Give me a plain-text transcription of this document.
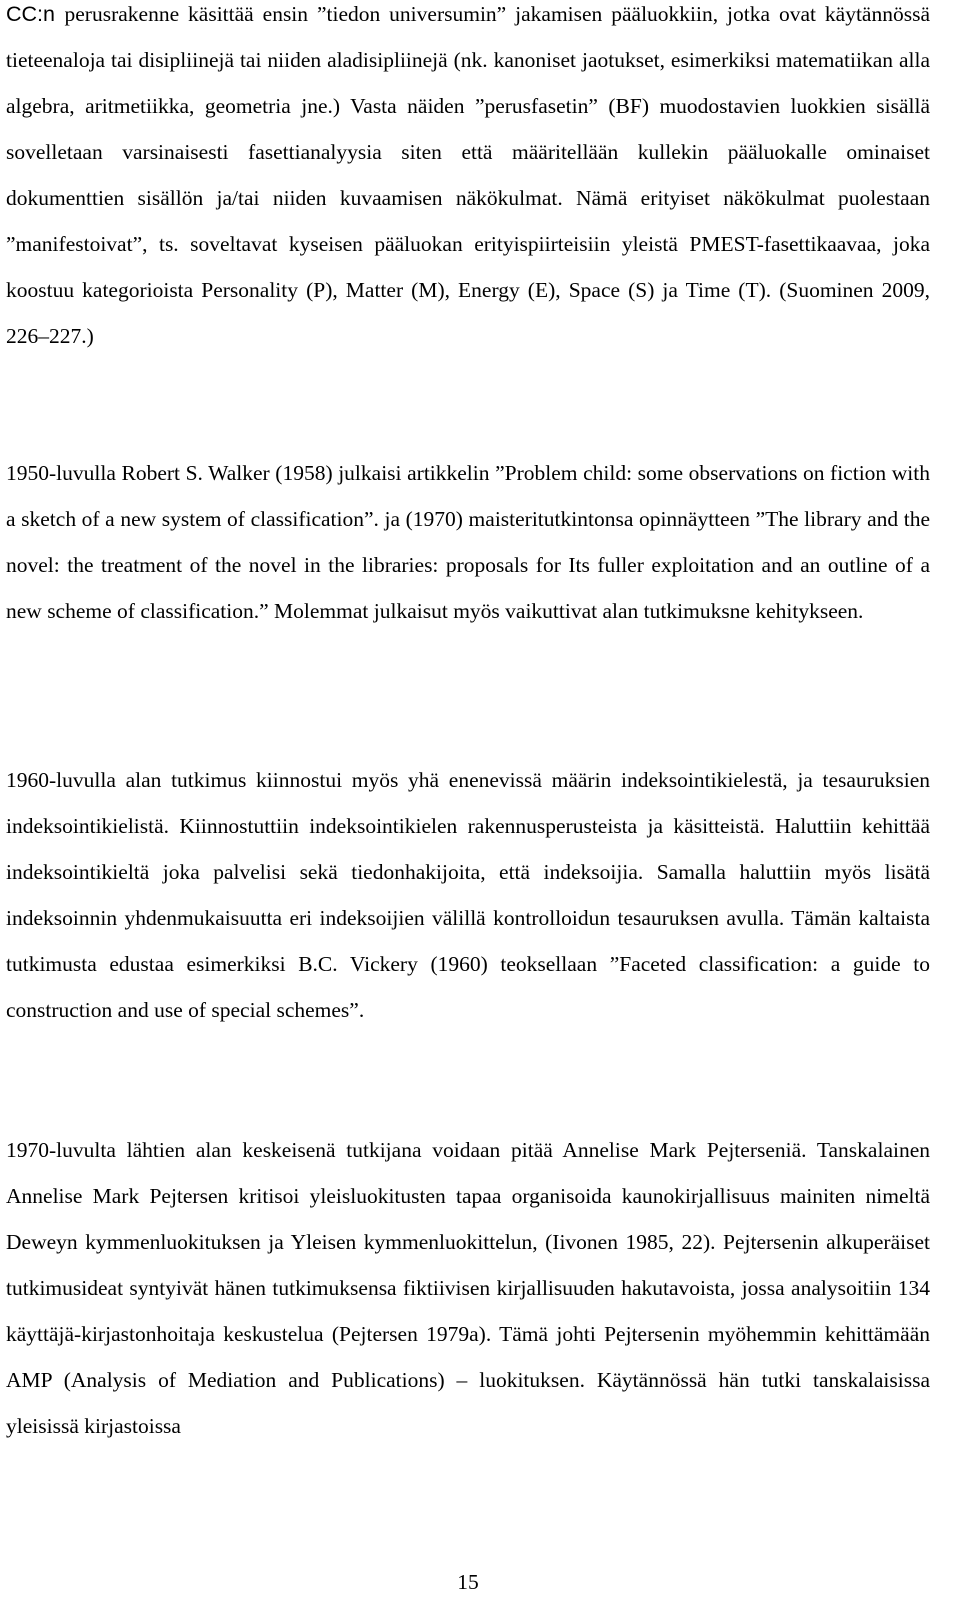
CC:n perusrakenne käsittää ensin ”tiedon universumin” jakamisen pääluokkiin, jotka ovat käytännössä tieteenaloja tai disipliinejä tai niiden aladisipliinejä (nk. kanoniset jaotukset, esimerkiksi matematiikan alla algebra, aritmetiikka, geometria jne.) Vasta näiden ”perusfasetin” (BF) muodostavien luokkien sisällä sovelletaan varsinaisesti fasettianalyysia siten että määritellään kullekin pääluokalle ominaiset dokumenttien sisällön ja/tai niiden kuvaamisen näkökulmat. Nämä erityiset näkökulmat puolestaan ”manifestoivat”, ts. soveltavat kyseisen pääluokan erityispiirteisiin yleistä PMEST-fasettikaavaa, joka koostuu kategorioista Personality (P), Matter (M), Energy (E), Space (S) ja Time (T). (Suominen 2009, 226–227.)

1950-luvulla Robert S. Walker (1958) julkaisi artikkelin ”Problem child: some observations on fiction with a sketch of a new system of classification”. ja (1970) maisteritutkintonsa opinnäytteen ”The library and the novel: the treatment of the novel in the libraries: proposals for Its fuller exploitation and an outline of a new scheme of classification.” Molemmat julkaisut myös vaikuttivat alan tutkimuksne kehitykseen.

1960-luvulla alan tutkimus kiinnostui myös yhä enenevissä määrin indeksointikielestä, ja tesauruksien indeksointikielistä. Kiinnostuttiin indeksointikielen rakennusperusteista ja käsitteistä. Haluttiin kehittää indeksointikieltä joka palvelisi sekä tiedonhakijoita, että indeksoijia. Samalla haluttiin myös lisätä indeksoinnin yhdenmukaisuutta eri indeksoijien välillä kontrolloidun tesauruksen avulla. Tämän kaltaista tutkimusta edustaa esimerkiksi B.C. Vickery (1960) teoksellaan ”Faceted classification: a guide to construction and use of special schemes”.

1970-luvulta lähtien alan keskeisenä tutkijana voidaan pitää Annelise Mark Pejterseniä. Tanskalainen Annelise Mark Pejtersen kritisoi yleisluokitusten tapaa organisoida kaunokirjallisuus mainiten nimeltä Deweyn kymmenluokituksen ja Yleisen kymmenluokittelun, (Iivonen 1985, 22). Pejtersenin alkuperäiset tutkimusideat syntyivät hänen tutkimuksensa fiktiivisen kirjallisuuden hakutavoista, jossa analysoitiin 134 käyttäjä-kirjastonhoitaja keskustelua (Pejtersen 1979a). Tämä johti Pejtersenin myöhemmin kehittämään AMP (Analysis of Mediation and Publications) – luokituksen. Käytännössä hän tutki tanskalaisissa yleisissä kirjastoissa

15
